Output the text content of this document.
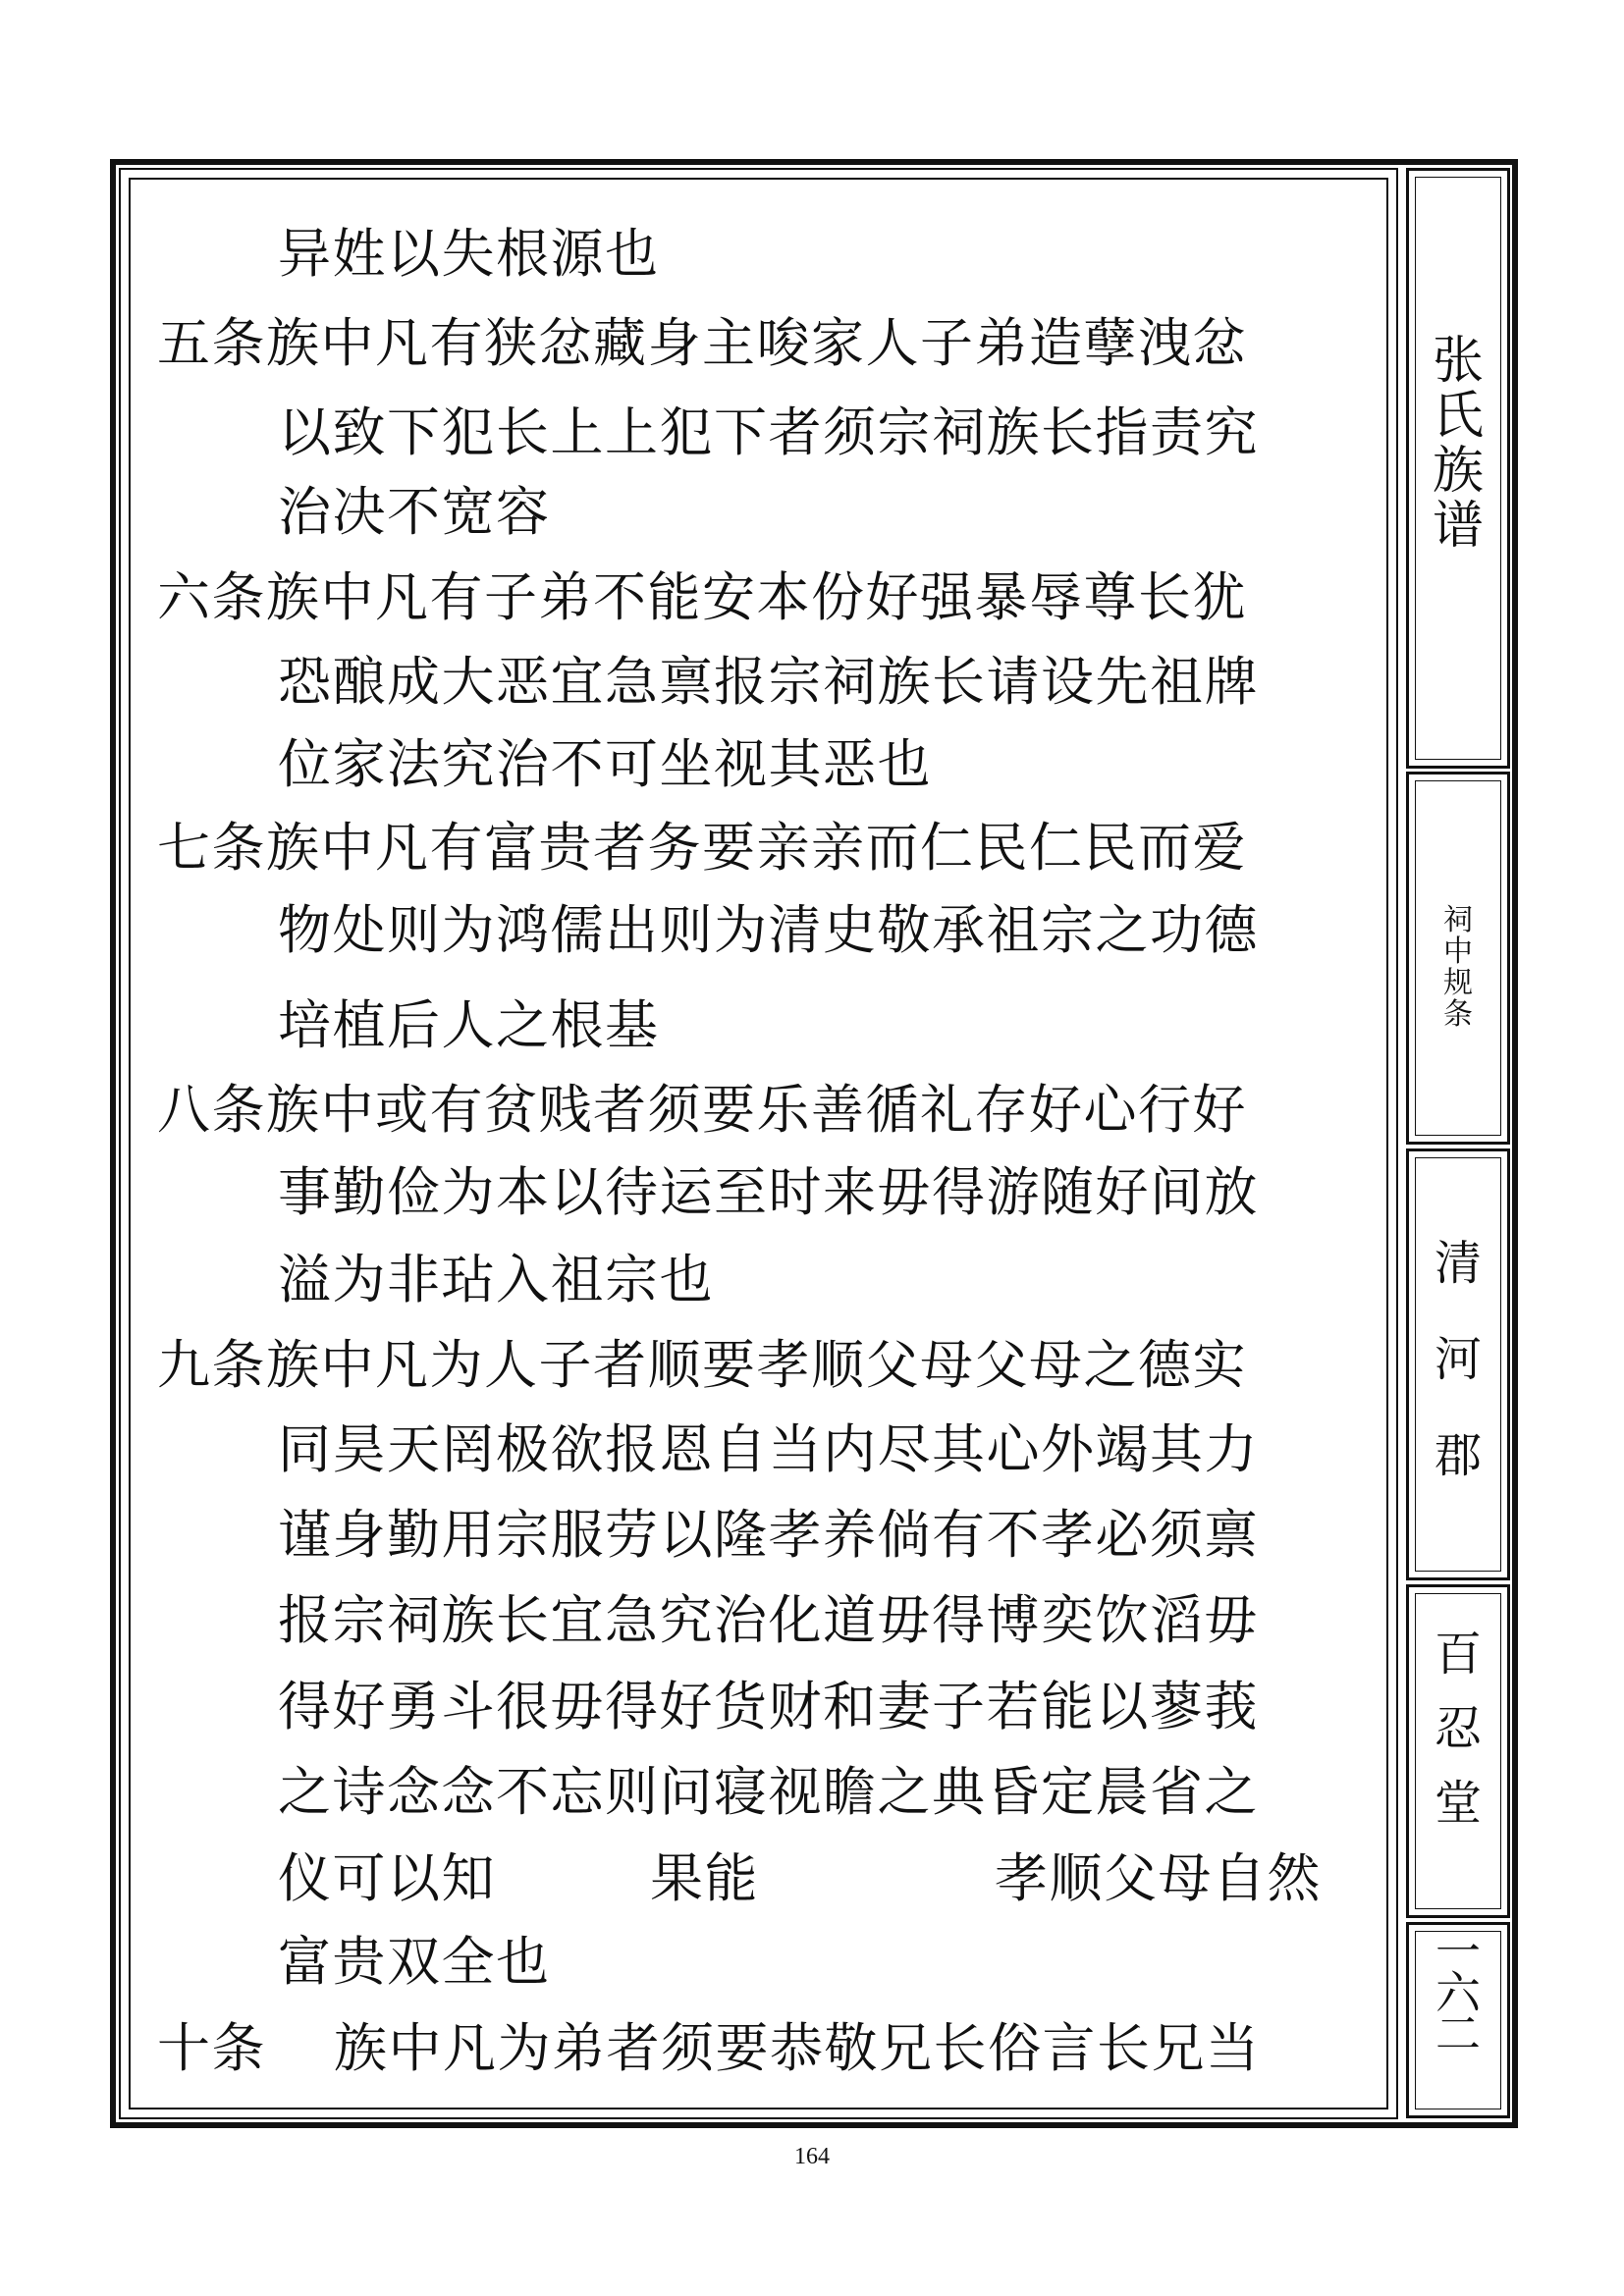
异姓以失根源也
五条族中凡有狭忿藏身主唆家人子弟造孽洩忿
以致下犯长上上犯下者须宗祠族长指责究
治决不宽容
六条族中凡有子弟不能安本份好强暴辱尊长犹
恐酿成大恶宜急禀报宗祠族长请设先祖牌
位家法究治不可坐视其恶也
七条族中凡有富贵者务要亲亲而仁民仁民而爱
物处则为鸿儒出则为清史敬承祖宗之功德
培植后人之根基
八条族中或有贫贱者须要乐善循礼存好心行好
事勤俭为本以待运至时来毋得游随好间放
溢为非玷入祖宗也
九条族中凡为人子者顺要孝顺父母父母之德实
同昊天罔极欲报恩自当内尽其心外竭其力
谨身勤用宗服劳以隆孝养倘有不孝必须禀
报宗祠族长宜急究治化道毋得博奕饮滔毋
得好勇斗很毋得好货财和妻子若能以蓼莪
之诗念念不忘则问寝视瞻之典昏定晨省之
仪可以知	果能	孝顺父母自然
富贵双全也
十条 族中凡为弟者须要恭敬兄长俗言长兄当
张
氏
族
谱
祠
中
规
条
清
河
郡
百
忍
堂
一
六
二
164
